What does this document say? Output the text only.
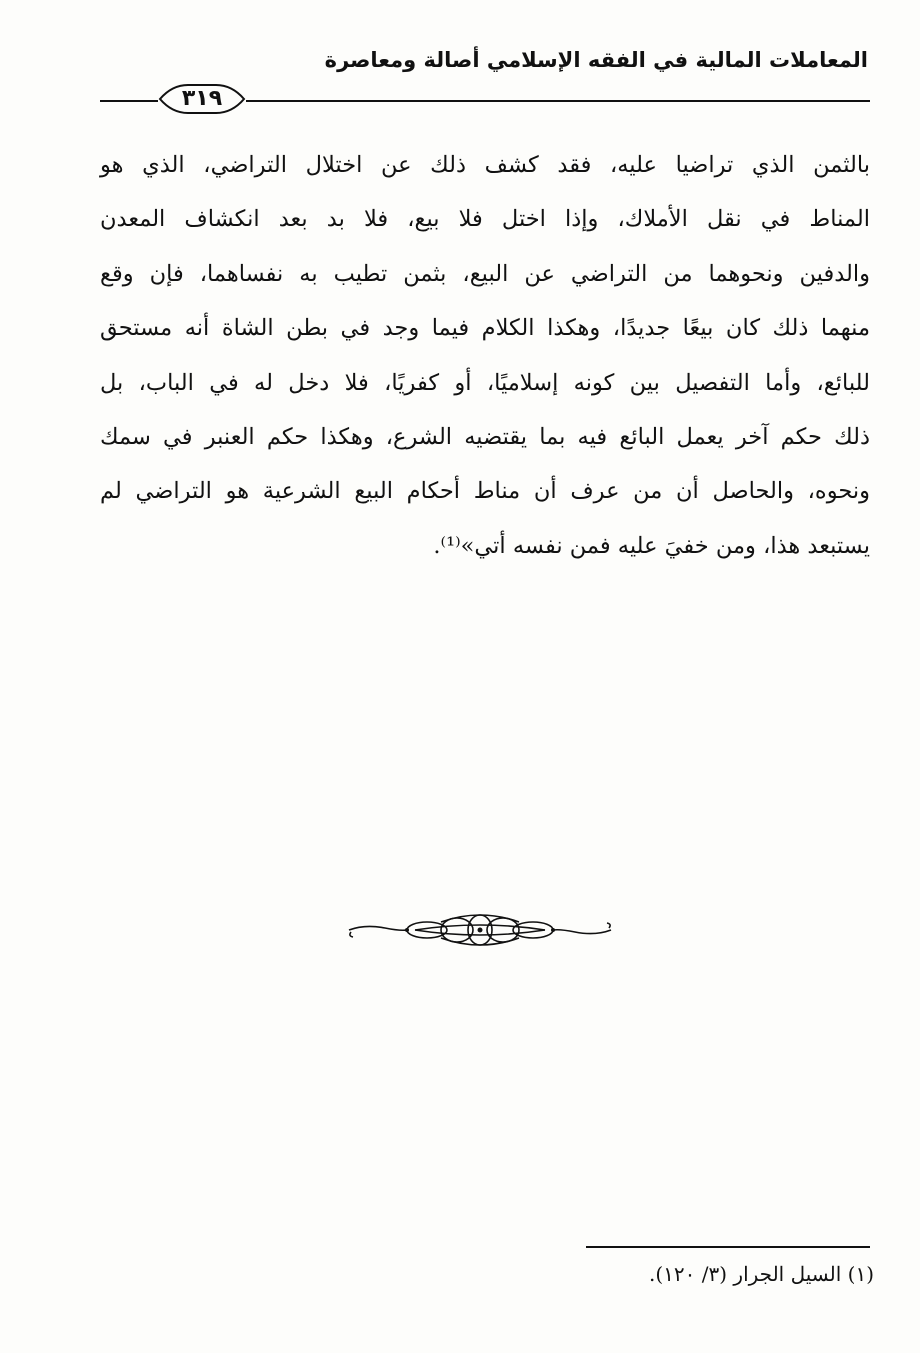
المعاملات المالية في الفقه الإسلامي أصالة ومعاصرة
٣١٩
بالثمن الذي تراضيا عليه، فقد كشف ذلك عن اختلال التراضي، الذي هو
المناط في نقل الأملاك، وإذا اختل فلا بيع، فلا بد بعد انكشاف المعدن
والدفين ونحوهما من التراضي عن البيع، بثمن تطيب به نفساهما، فإن وقع
منهما ذلك كان بيعًا جديدًا، وهكذا الكلام فيما وجد في بطن الشاة أنه مستحق
للبائع، وأما التفصيل بين كونه إسلاميًا، أو كفريًا، فلا دخل له في الباب، بل
ذلك حكم آخر يعمل البائع فيه بما يقتضيه الشرع، وهكذا حكم العنبر في سمك
ونحوه، والحاصل أن من عرف أن مناط أحكام البيع الشرعية هو التراضي لم
يستبعد هذا، ومن خفيَ عليه فمن نفسه أتي»⁽¹⁾.
(١) السيل الجرار (٣/ ١٢٠).
